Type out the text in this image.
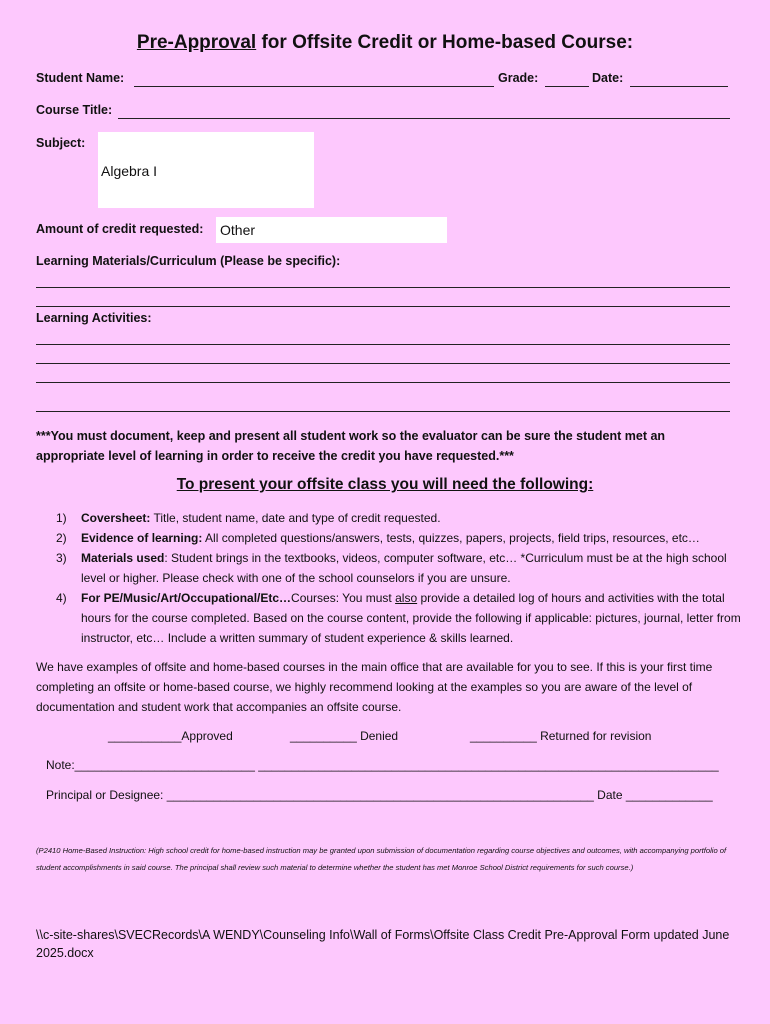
Pre-Approval for Offsite Credit or Home-based Course:
Student Name:	Grade:	Date:
Course Title:
Subject:
Algebra I
Amount of credit requested: Other
Learning Materials/Curriculum (Please be specific):
Learning Activities:
***You must document, keep and present all student work so the evaluator can be sure the student met an appropriate level of learning in order to receive the credit you have requested.***
To present your offsite class you will need the following:
1) Coversheet: Title, student name, date and type of credit requested.
2) Evidence of learning: All completed questions/answers, tests, quizzes, papers, projects, field trips, resources, etc…
3) Materials used: Student brings in the textbooks, videos, computer software, etc… *Curriculum must be at the high school level or higher. Please check with one of the school counselors if you are unsure.
4) For PE/Music/Art/Occupational/Etc…Courses: You must also provide a detailed log of hours and activities with the total hours for the course completed. Based on the course content, provide the following if applicable: pictures, journal, letter from instructor, etc… Include a written summary of student experience & skills learned.
We have examples of offsite and home-based courses in the main office that are available for you to see. If this is your first time completing an offsite or home-based course, we highly recommend looking at the examples so you are aware of the level of documentation and student work that accompanies an offsite course.
___________Approved	__________ Denied	__________ Returned for revision
Note:___________________________ _____________________________________________________________________
Principal or Designee: ________________________________________________________________ Date _____________
(P2410 Home-Based Instruction: High school credit for home-based instruction may be granted upon submission of documentation regarding course objectives and outcomes, with accompanying portfolio of student accomplishments in said course. The principal shall review such material to determine whether the student has met Monroe School District requirements for such course.)
\\c-site-shares\SVECRecords\A WENDY\Counseling Info\Wall of Forms\Offsite Class Credit Pre-Approval Form updated June 2025.docx
